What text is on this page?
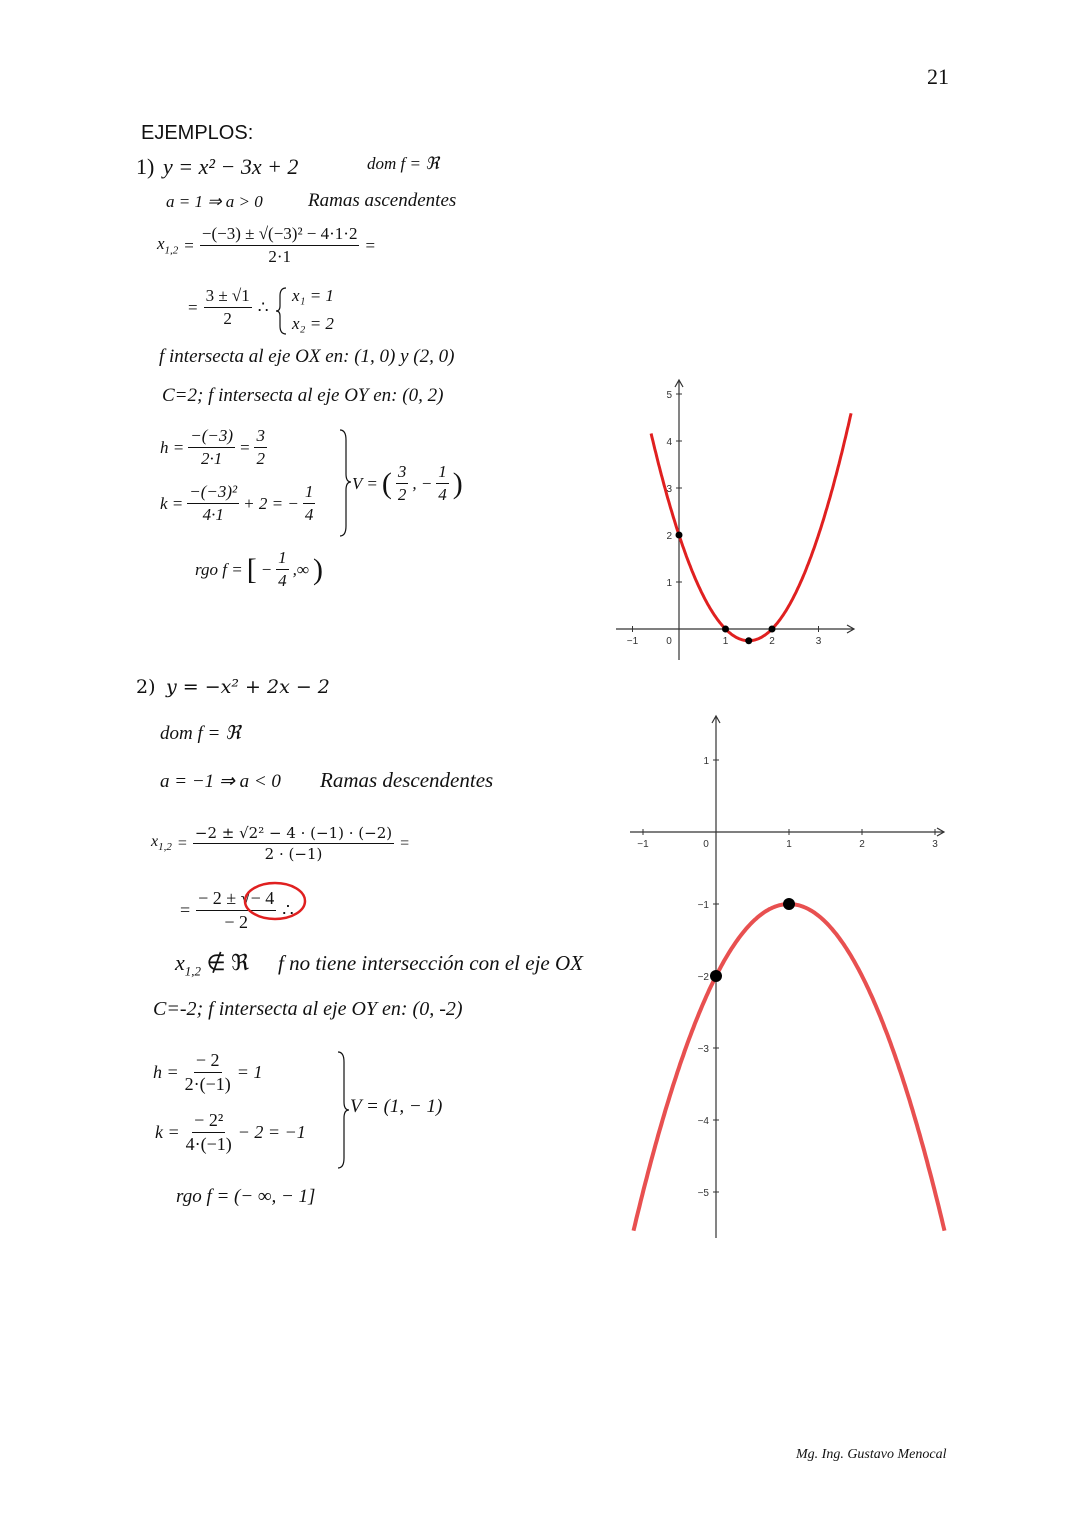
21
EJEMPLOS:
Mg. Ing. Gustavo Menocal
1) y = x² − 3x + 2	dom f = ℜ
a = 1 ⇒ a > 0 Ramas ascendentes
$x_{1,2} = \frac{\text{−(−3) ± √(−3)² − 4·1·2}}{2\cdot 1}$ =
= $\frac{3 \pm √1}{2}$ ∴
x₁ = 1
x₂ = 2
f intersecta al eje OX en: (1, 0) y (2, 0)
C=2; f intersecta al eje OY en: (0, 2)
$h = \frac{-(-3)}{2\cdot 1} = \frac{3}{2}$
$k = \frac{\text{−(−3)²}}{4\cdot 1} + 2$ = − $\frac{1}{4}$ V = ( $\frac{3}{2}$ , − $\frac{1}{4}$ )
rgo f = [ − $\frac{1}{4}$ ,∞ )
−1	0	1	2	3
1
2
3
4
5
2) y = −x² + 2x − 2
dom f = ℜ
a = −1 ⇒ a < 0 Ramas descendentes
$x_{1,2} = \frac{\text{−2 ± √2² − 4 · (−1) · (−2)}}{2 \cdot (-1)}$ =
= $\frac{- 2 \pm √- 4}{- 2}$ ∴
$x_{1,2}$ ∉ ℜ f no tiene intersección con el eje OX
C=-2; f intersecta al eje OY en: (0, -2)
$h = \frac{- 2}{2\cdot(-1)} = 1$
$k = \frac{\text{− 2²}}{4\cdot(-1)} - 2 = -1$
V = (1, − 1)
rgo f = (− ∞, − 1]
−1	0	1	2	3
1
−1
−2
−3
−4
−5
